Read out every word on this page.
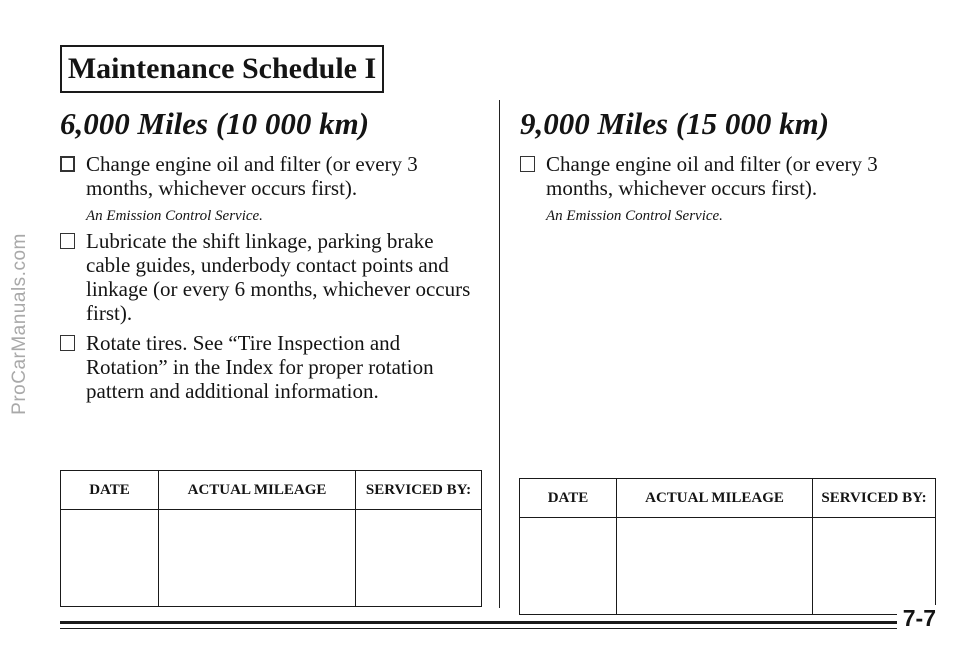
ProCarManuals.com
Maintenance Schedule I
6,000 Miles (10 000 km)
Change engine oil and filter (or every 3 months, whichever occurs first).
An Emission Control Service.
Lubricate the shift linkage, parking brake cable guides, underbody contact points and linkage (or every 6 months, whichever occurs first).
Rotate tires. See “Tire Inspection and Rotation” in the Index for proper rotation pattern and additional information.
DATE	ACTUAL MILEAGE	SERVICED BY:

9,000 Miles (15 000 km)
Change engine oil and filter (or every 3 months, whichever occurs first).
An Emission Control Service.
DATE	ACTUAL MILEAGE	SERVICED BY:

7-7
